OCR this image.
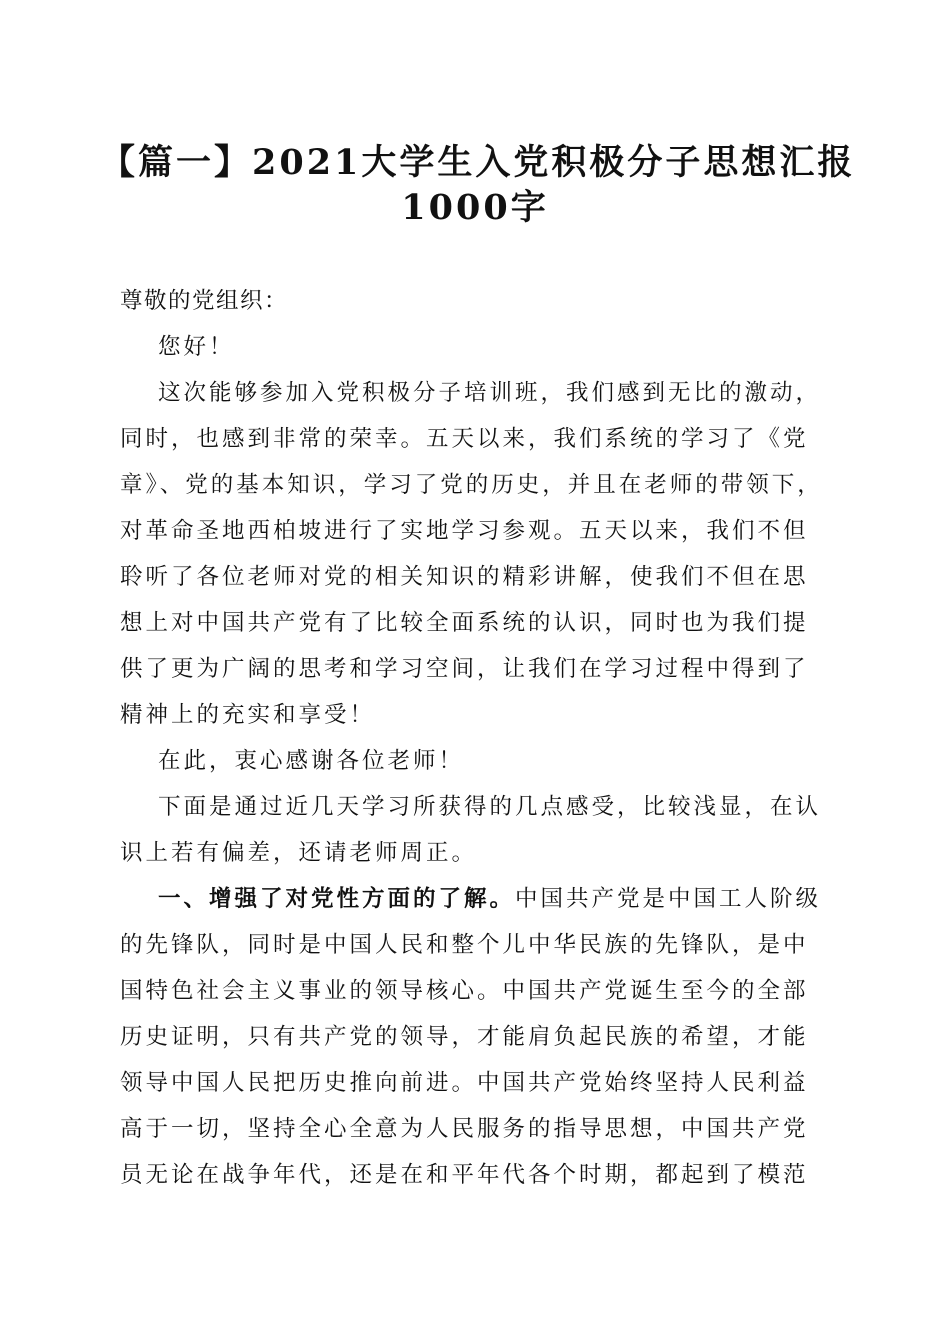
【篇一】2021大学生入党积极分子思想汇报
1000字

尊敬的党组织：

您好！

这次能够参加入党积极分子培训班，我们感到无比的激动，
同时，也感到非常的荣幸。五天以来，我们系统的学习了《党
章》、党的基本知识，学习了党的历史，并且在老师的带领下，
对革命圣地西柏坡进行了实地学习参观。五天以来，我们不但
聆听了各位老师对党的相关知识的精彩讲解，使我们不但在思
想上对中国共产党有了比较全面系统的认识，同时也为我们提
供了更为广阔的思考和学习空间，让我们在学习过程中得到了
精神上的充实和享受！

在此，衷心感谢各位老师！

下面是通过近几天学习所获得的几点感受，比较浅显，在认
识上若有偏差，还请老师周正。

一、增强了对党性方面的了解。中国共产党是中国工人阶级
的先锋队，同时是中国人民和整个儿中华民族的先锋队，是中
国特色社会主义事业的领导核心。中国共产党诞生至今的全部
历史证明，只有共产党的领导，才能肩负起民族的希望，才能
领导中国人民把历史推向前进。中国共产党始终坚持人民利益
高于一切，坚持全心全意为人民服务的指导思想，中国共产党
员无论在战争年代，还是在和平年代各个时期，都起到了模范
